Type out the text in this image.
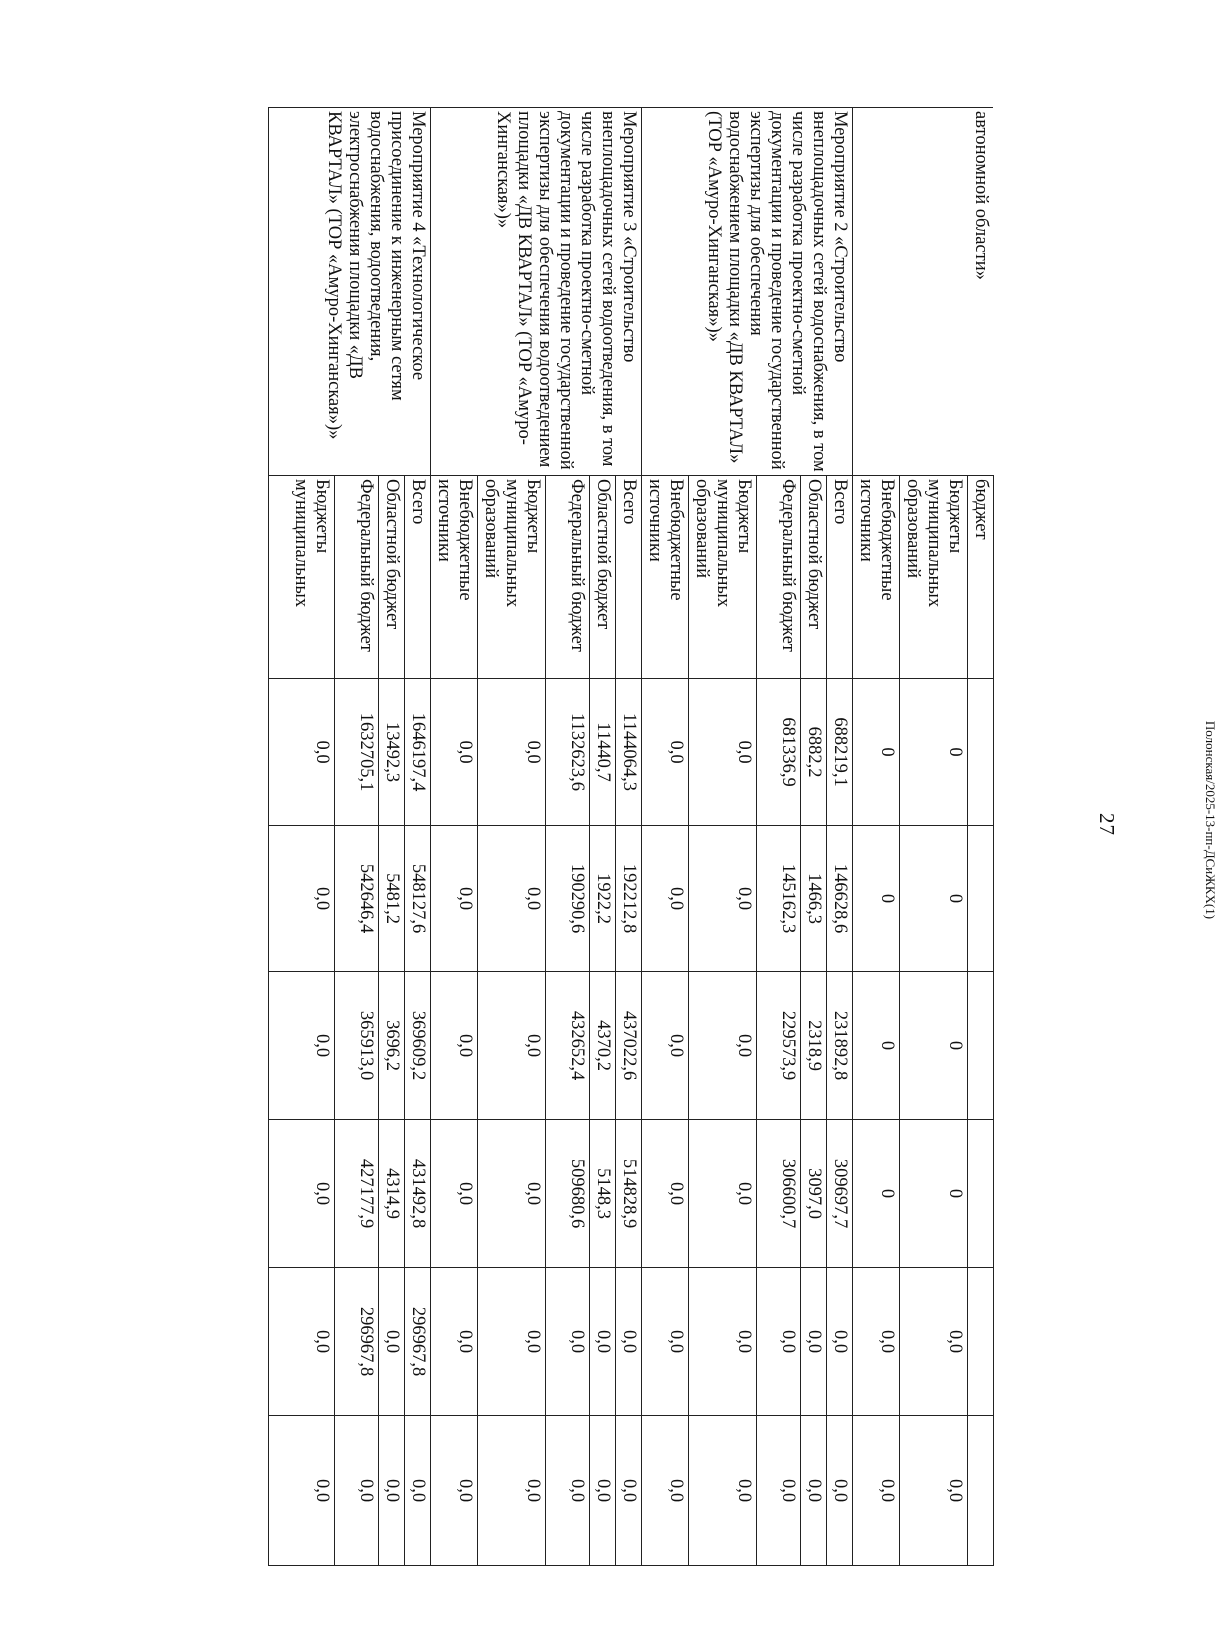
27	Полонская/2025-13-пп-ДСиЖКХ(1)
автономной области»	бюджет						
	Бюджеты муниципальных образований	0	0	0	0	0,0	0,0
	Внебюджетные источники	0	0	0	0	0,0	0,0
Мероприятие 2 «Строительство внеплощадочных сетей водоснабжения, в том числе разработка проектно-сметной документации и проведение государственной экспертизы для обеспечения водоснабжением площадки «ДВ КВАРТАЛ» (ТОР «Амуро-Хинганская»)»	Всего	688219,1	146628,6	231892,8	309697,7	0,0	0,0
	Областной бюджет	6882,2	1466,3	2318,9	3097,0	0,0	0,0
	Федеральный бюджет	681336,9	145162,3	229573,9	306600,7	0,0	0,0
	Бюджеты муниципальных образований	0,0	0,0	0,0	0,0	0,0	0,0
	Внебюджетные источники	0,0	0,0	0,0	0,0	0,0	0,0
Мероприятие 3 «Строительство внеплощадочных сетей водоотведения, в том числе разработка проектно-сметной документации и проведение государственной экспертизы для обеспечения водоотведением площадки «ДВ КВАРТАЛ» (ТОР «Амуро-Хинганская»)»	Всего	1144064,3	192212,8	437022,6	514828,9	0,0	0,0
	Областной бюджет	11440,7	1922,2	4370,2	5148,3	0,0	0,0
	Федеральный бюджет	1132623,6	190290,6	432652,4	509680,6	0,0	0,0
	Бюджеты муниципальных образований	0,0	0,0	0,0	0,0	0,0	0,0
	Внебюджетные источники	0,0	0,0	0,0	0,0	0,0	0,0
Мероприятие 4 «Технологическое присоединение к инженерным сетям водоснабжения, водоотведения, электроснабжения площадки «ДВ КВАРТАЛ» (ТОР «Амуро-Хинганская»)»	Всего	1646197,4	548127,6	369609,2	431492,8	296967,8	0,0
	Областной бюджет	13492,3	5481,2	3696,2	4314,9	0,0	0,0
	Федеральный бюджет	1632705,1	542646,4	365913,0	427177,9	296967,8	0,0
	Бюджеты муниципальных	0,0	0,0	0,0	0,0	0,0	0,0
